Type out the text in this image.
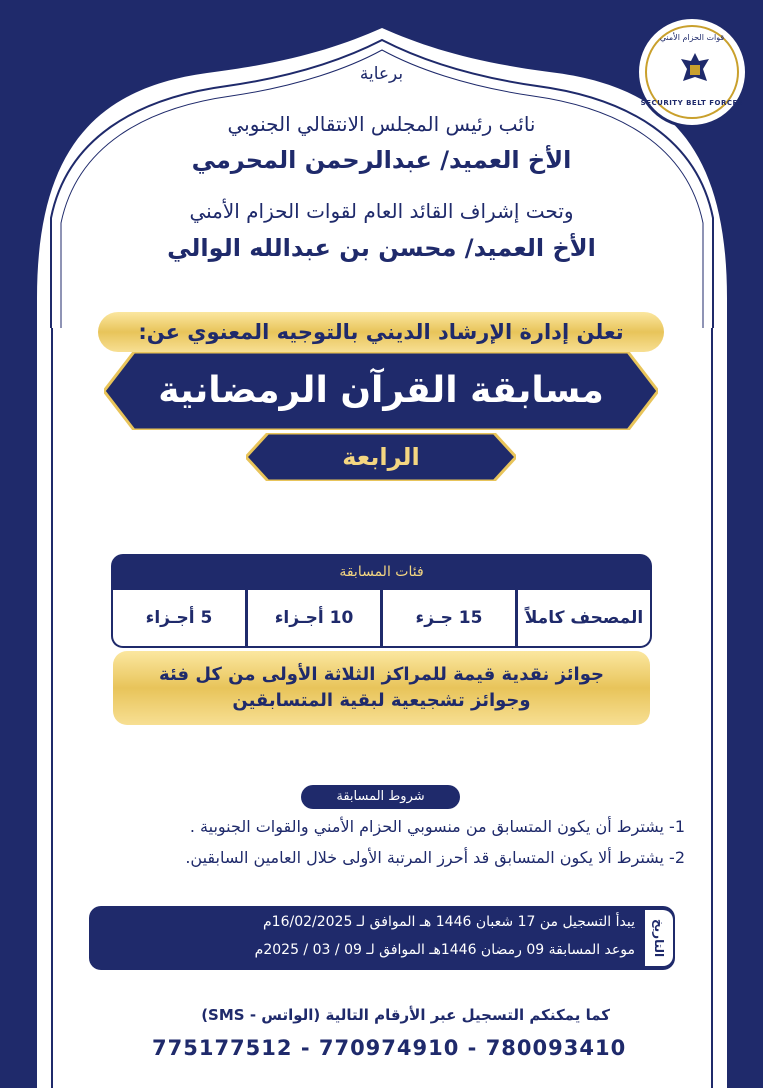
قوات الحزام الأمني
SECURITY BELT FORCES
برعاية
نائب رئيس المجلس الانتقالي الجنوبي
الأخ العميد/ عبدالرحمن المحرمي
وتحت إشراف القائد العام لقوات الحزام الأمني
الأخ العميد/ محسن بن عبدالله الوالي
تعلن إدارة الإرشاد الديني بالتوجيه المعنوي عن:
مسابقة القرآن الرمضانية
الرابعة
فئات المسابقة
المصحف كاملاً
15 جـزء
10 أجـزاء
5 أجـزاء
جوائز نقدية قيمة للمراكز الثلاثة الأولى من كل فئة
وجوائز تشجيعية لبقية المتسابقين
شروط المسابقة
1- يشترط أن يكون المتسابق من منسوبي الحزام الأمني والقوات الجنوبية .
2- يشترط ألا يكون المتسابق قد أحرز المرتبة الأولى خلال العامين السابقين.
التاريخ
يبدأ التسجيل من 17 شعبان 1446 هـ الموافق لـ 16/02/2025م
موعد المسابقة 09 رمضان 1446هـ الموافق لـ 09 / 03 / 2025م
كما يمكنكم التسجيل عبر الأرقام التالية (الواتس - SMS)
775177512 - 770974910 - 780093410
